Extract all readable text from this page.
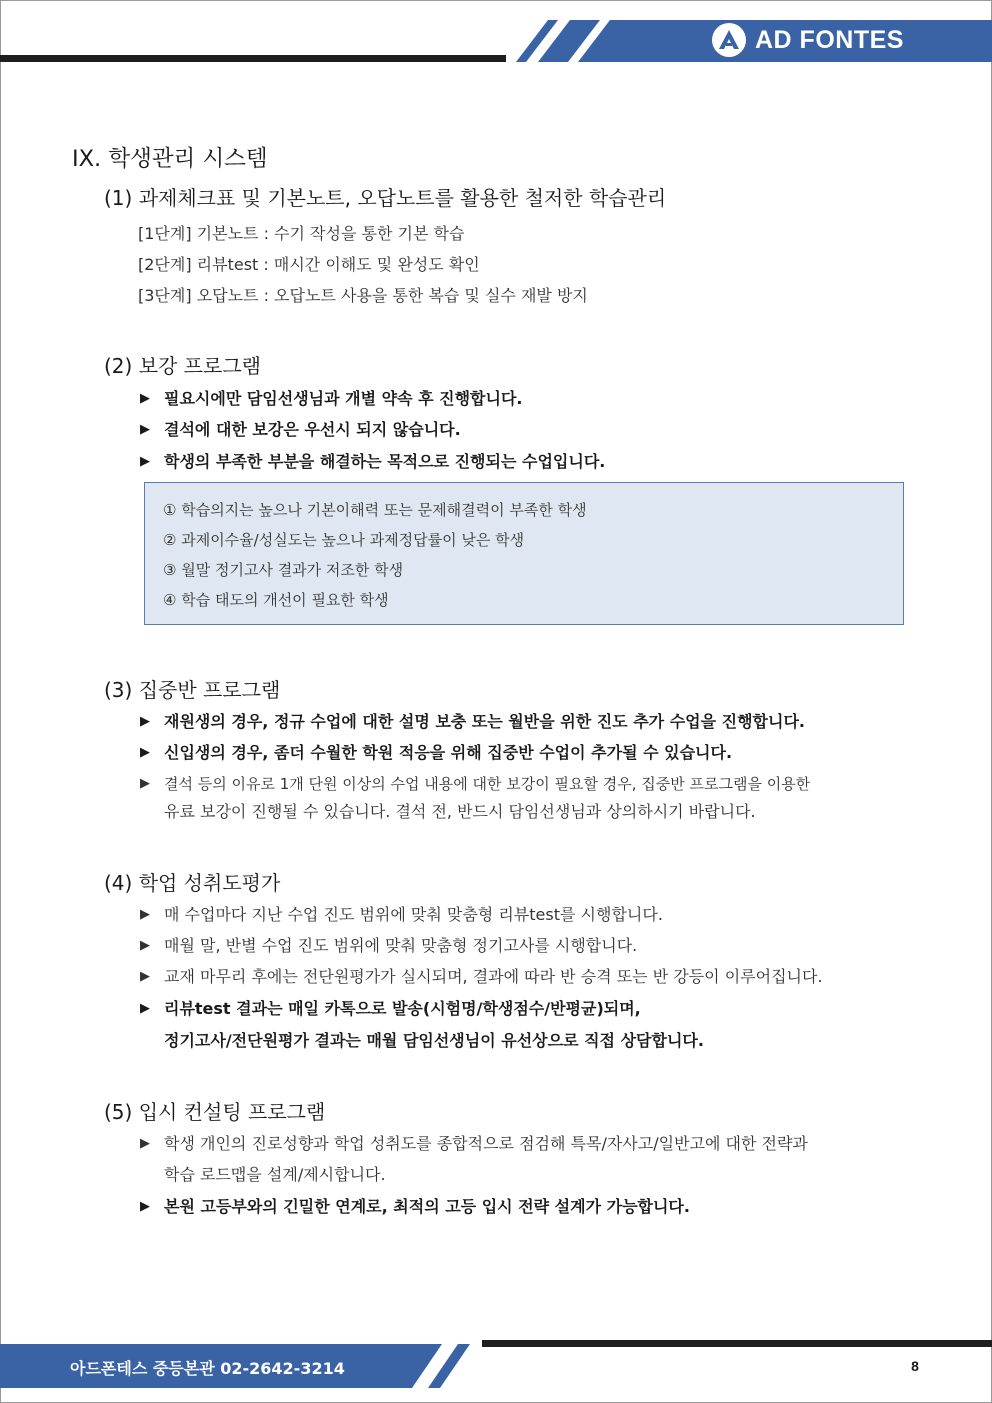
AD FONTES
IX. 학생관리 시스템
(1) 과제체크표 및 기본노트, 오답노트를 활용한 철저한 학습관리
[1단계] 기본노트 : 수기 작성을 통한 기본 학습
[2단계] 리뷰test : 매시간 이해도 및 완성도 확인
[3단계] 오답노트 : 오답노트 사용을 통한 복습 및 실수 재발 방지
(2) 보강 프로그램
▶ 필요시에만 담임선생님과 개별 약속 후 진행합니다.
▶ 결석에 대한 보강은 우선시 되지 않습니다.
▶ 학생의 부족한 부분을 해결하는 목적으로 진행되는 수업입니다.
① 학습의지는 높으나 기본이해력 또는 문제해결력이 부족한 학생
② 과제이수율/성실도는 높으나 과제정답률이 낮은 학생
③ 월말 정기고사 결과가 저조한 학생
④ 학습 태도의 개선이 필요한 학생
(3) 집중반 프로그램
▶ 재원생의 경우, 정규 수업에 대한 설명 보충 또는 월반을 위한 진도 추가 수업을 진행합니다.
▶ 신입생의 경우, 좀더 수월한 학원 적응을 위해 집중반 수업이 추가될 수 있습니다.
▶ 결석 등의 이유로 1개 단원 이상의 수업 내용에 대한 보강이 필요할 경우, 집중반 프로그램을 이용한
유료 보강이 진행될 수 있습니다. 결석 전, 반드시 담임선생님과 상의하시기 바랍니다.
(4) 학업 성취도평가
▶ 매 수업마다 지난 수업 진도 범위에 맞춰 맞춤형 리뷰test를 시행합니다.
▶ 매월 말, 반별 수업 진도 범위에 맞춰 맞춤형 정기고사를 시행합니다.
▶ 교재 마무리 후에는 전단원평가가 실시되며, 결과에 따라 반 승격 또는 반 강등이 이루어집니다.
▶ 리뷰test 결과는 매일 카톡으로 발송(시험명/학생점수/반평균)되며,
정기고사/전단원평가 결과는 매월 담임선생님이 유선상으로 직접 상담합니다.
(5) 입시 컨설팅 프로그램
▶ 학생 개인의 진로성향과 학업 성취도를 종합적으로 점검해 특목/자사고/일반고에 대한 전략과
학습 로드맵을 설계/제시합니다.
▶ 본원 고등부와의 긴밀한 연계로, 최적의 고등 입시 전략 설계가 가능합니다.
아드폰테스 중등본관 02-2642-3214	8
